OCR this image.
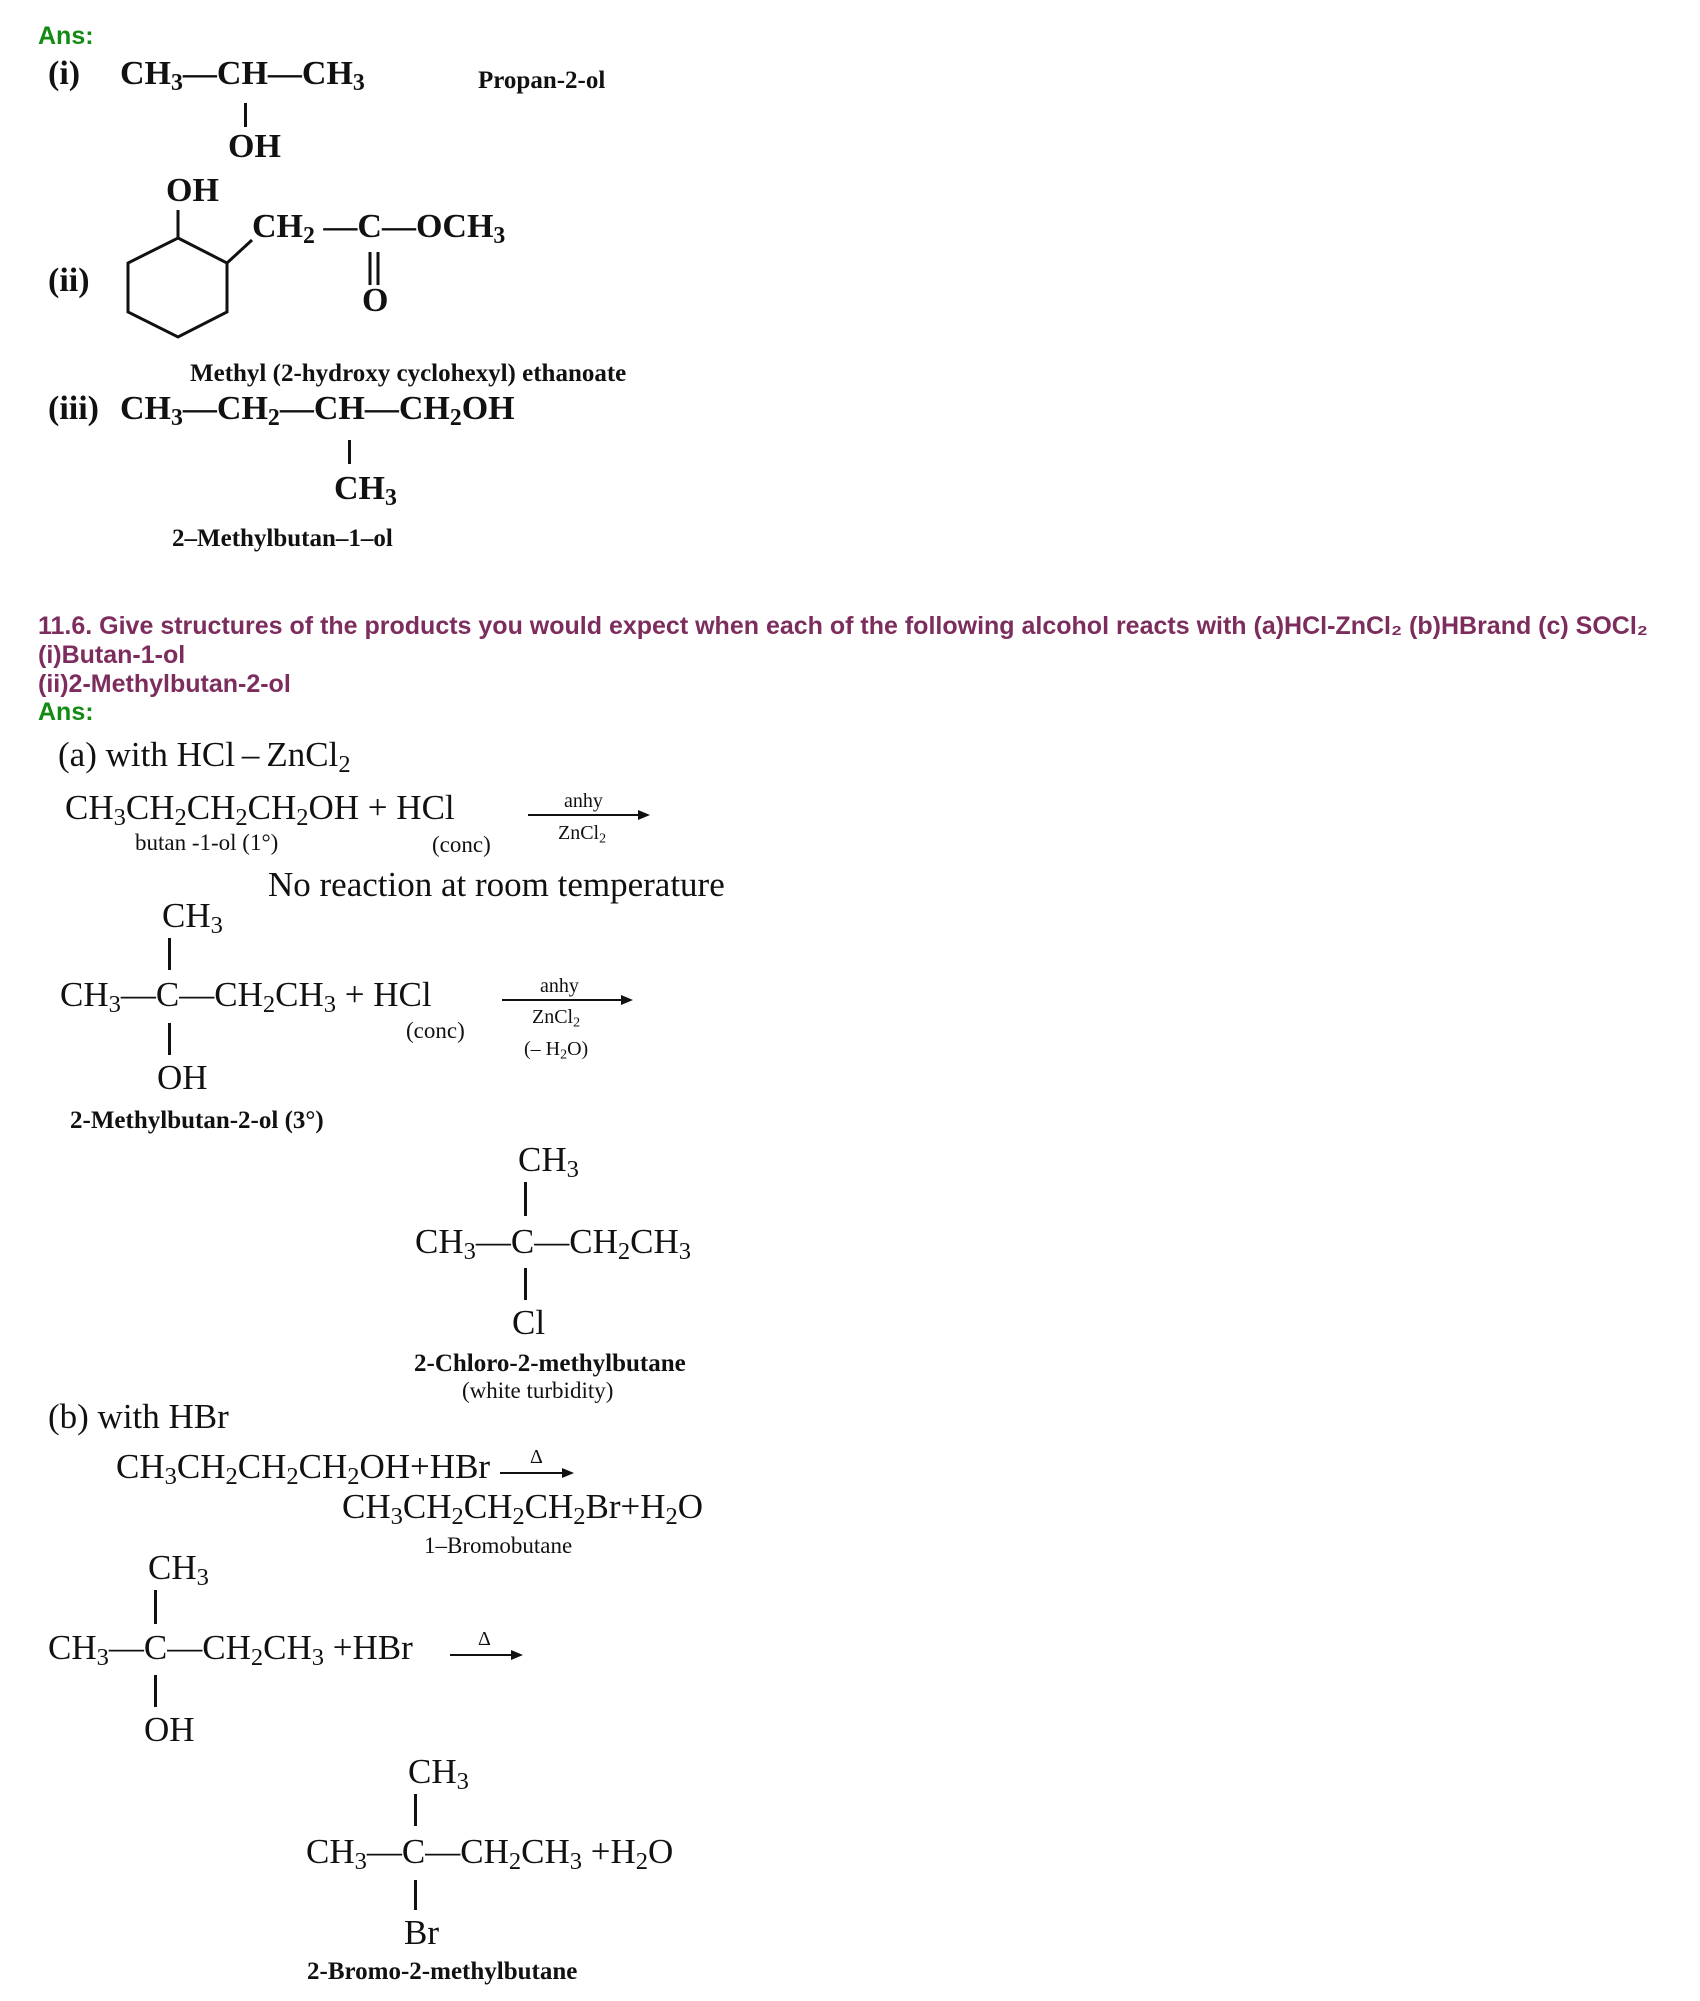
Ans:
(i) $CH_3—CH—CH_3$
OH
Propan-2-ol
OH
$CH_2$ $—C—OCH_3$
O
(ii)
Methyl (2-hydroxy cyclohexyl) ethanoate
(iii) $CH_3—CH_2—CH—CH_2OH$
$CH_3$
2–Methylbutan–1–ol
11.6. Give structures of the products you would expect when each of the following alcohol reacts with (a)HCl-ZnCl₂ (b)HBrand (c) SOCl₂
(i)Butan-1-ol
(ii)2-Methylbutan-2-ol
Ans:
(a) with HCl – ZnCl$_2$
$CH_3CH_2CH_2CH_2OH$ + HCl
butan -1-ol (1°)	(conc)
anhy
ZnCl$_2$
No reaction at room temperature
$CH_3$
$CH_3—C—CH_2CH_3$ + HCl
OH
(conc)
anhy
ZnCl$_2$
(– $H_2O$)
2-Methylbutan-2-ol (3°)
$CH_3$
$CH_3—C—CH_2CH_3$
Cl
2-Chloro-2-methylbutane
(white turbidity)
(b) with HBr
$CH_3CH_2CH_2CH_2OH+HBr$ Δ
$CH_3CH_2CH_2CH_2Br+H_2O$
1–Bromobutane
$CH_3$
$CH_3—C—CH_2CH_3 +HBr$	Δ
OH
$CH_3$
$CH_3—C—CH_2CH_3 +H_2O$
Br
2-Bromo-2-methylbutane
